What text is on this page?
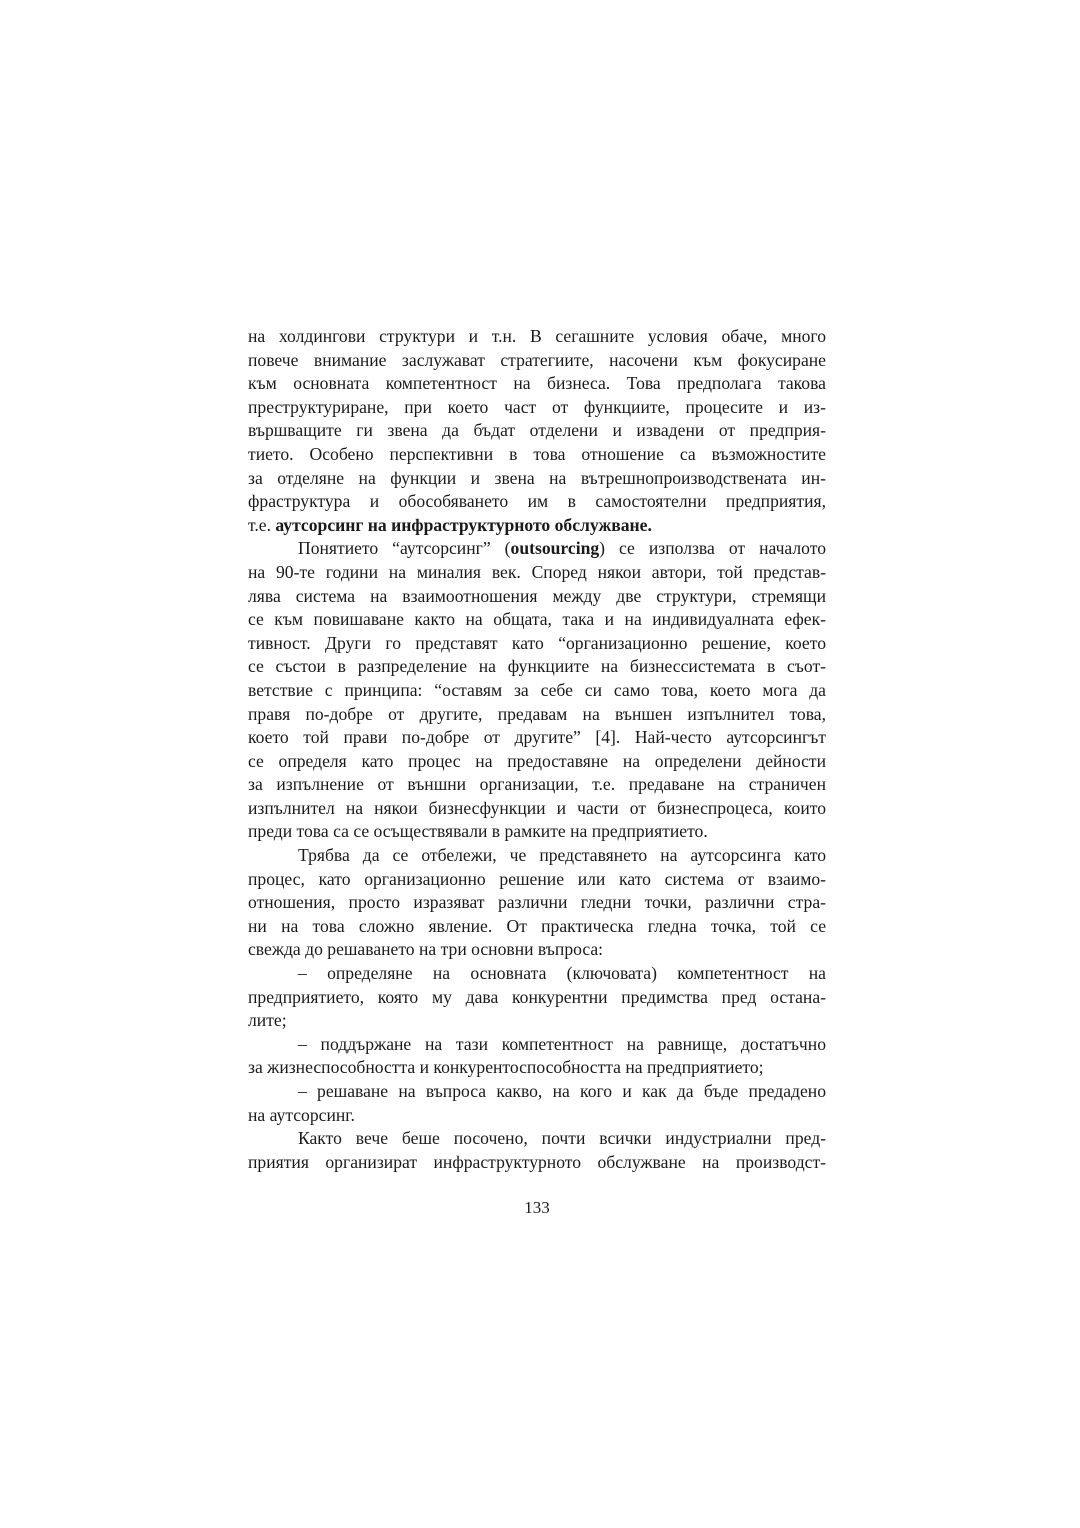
на холдингови структури и т.н. В сегашните условия обаче, много

повече внимание заслужават стратегиите, насочени към фокусиране

към основната компетентност на бизнеса. Това предполага такова

преструктуриране, при което част от функциите, процесите и из-

вършващите ги звена да бъдат отделени и извадени от предприя-

тието. Особено перспективни в това отношение са възможностите

за отделяне на функции и звена на вътрешнопроизводствената ин-

фраструктура и обособяването им в самостоятелни предприятия,

т.е. аутсорсинг на инфраструктурното обслужване.

Понятието “аутсорсинг” (outsourcing) се използва от началото

на 90-те години на миналия век. Според някои автори, той представ-

лява система на взаимоотношения между две структури, стремящи

се към повишаване както на общата, така и на индивидуалната ефек-

тивност. Други го представят като “организационно решение, което

се състои в разпределение на функциите на бизнессистемата в съот-

ветствие с принципа: “оставям за себе си само това, което мога да

правя по-добре от другите, предавам на външен изпълнител това,

което той прави по-добре от другите” [4]. Най-често аутсорсингът

се определя като процес на предоставяне на определени дейности

за изпълнение от външни организации, т.е. предаване на страничен

изпълнител на някои бизнесфункции и части от бизнеспроцеса, които

преди това са се осъществявали в рамките на предприятието.

Трябва да се отбележи, че представянето на аутсорсинга като

процес, като организационно решение или като система от взаимо-

отношения, просто изразяват различни гледни точки, различни стра-

ни на това сложно явление. От практическа гледна точка, той се

свежда до решаването на три основни въпроса:

– определяне на основната (ключовата) компетентност на

предприятието, която му дава конкурентни предимства пред остана-

лите;

– поддържане на тази компетентност на равнище, достатъчно

за жизнеспособността и конкурентоспособността на предприятието;

– решаване на въпроса какво, на кого и как да бъде предадено

на аутсорсинг.

Както вече беше посочено, почти всички индустриални пред-

приятия организират инфраструктурното обслужване на производст-

133
